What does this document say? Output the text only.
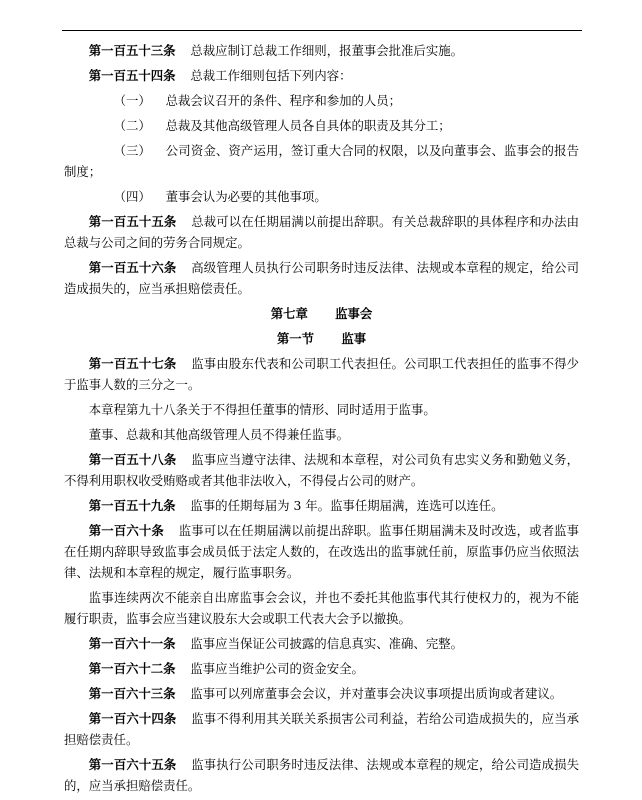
第一百五十三条 总裁应制订总裁工作细则，报董事会批准后实施。

第一百五十四条 总裁工作细则包括下列内容：

（一） 总裁会议召开的条件、程序和参加的人员；
（二） 总裁及其他高级管理人员各自具体的职责及其分工；
（三） 公司资金、资产运用，签订重大合同的权限，以及向董事会、监事会的报告制度；
（四） 董事会认为必要的其他事项。

第一百五十五条 总裁可以在任期届满以前提出辞职。有关总裁辞职的具体程序和办法由总裁与公司之间的劳务合同规定。

第一百五十六条 高级管理人员执行公司职务时违反法律、法规或本章程的规定，给公司造成损失的，应当承担赔偿责任。

第七章 监事会
第一节 监事

第一百五十七条 监事由股东代表和公司职工代表担任。公司职工代表担任的监事不得少于监事人数的三分之一。

本章程第九十八条关于不得担任董事的情形、同时适用于监事。

董事、总裁和其他高级管理人员不得兼任监事。

第一百五十八条 监事应当遵守法律、法规和本章程，对公司负有忠实义务和勤勉义务，不得利用职权收受贿赂或者其他非法收入，不得侵占公司的财产。

第一百五十九条 监事的任期每届为 3 年。监事任期届满，连选可以连任。

第一百六十条 监事可以在任期届满以前提出辞职。监事任期届满未及时改选，或者监事在任期内辞职导致监事会成员低于法定人数的，在改选出的监事就任前，原监事仍应当依照法律、法规和本章程的规定，履行监事职务。

监事连续两次不能亲自出席监事会会议，并也不委托其他监事代其行使权力的，视为不能履行职责，监事会应当建议股东大会或职工代表大会予以撤换。

第一百六十一条 监事应当保证公司披露的信息真实、准确、完整。

第一百六十二条 监事应当维护公司的资金安全。

第一百六十三条 监事可以列席董事会会议，并对董事会决议事项提出质询或者建议。

第一百六十四条 监事不得利用其关联关系损害公司利益，若给公司造成损失的，应当承担赔偿责任。

第一百六十五条 监事执行公司职务时违反法律、法规或本章程的规定，给公司造成损失的，应当承担赔偿责任。
